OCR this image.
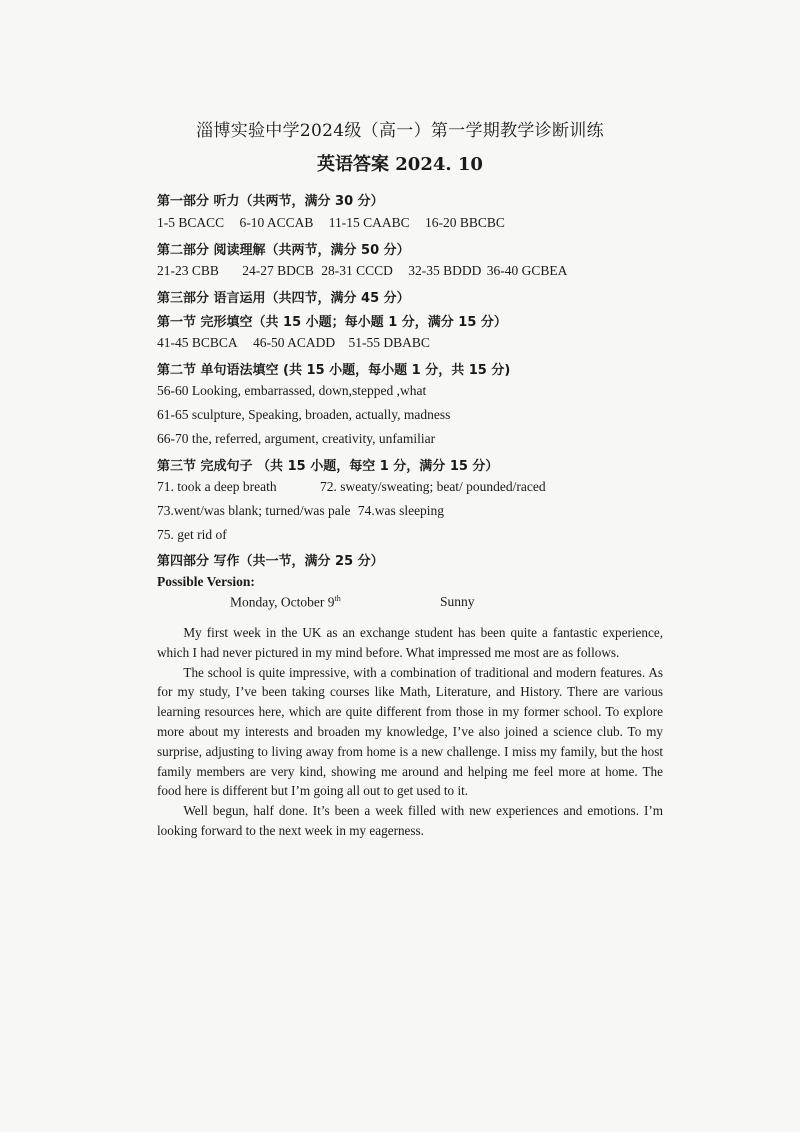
淄博实验中学2024级（高一）第一学期教学诊断训练
英语答案 2024. 10
第一部分 听力（共两节，满分 30 分）
1-5 BCACC 6-10 ACCAB 11-15 CAABC 16-20 BBCBC
第二部分 阅读理解（共两节，满分 50 分）
21-23 CBB 24-27 BDCB 28-31 CCCD 32-35 BDDD 36-40 GCBEA
第三部分 语言运用（共四节，满分 45 分）
第一节 完形填空（共 15 小题；每小题 1 分，满分 15 分）
41-45 BCBCA 46-50 ACADD 51-55 DBABC
第二节 单句语法填空 (共 15 小题，每小题 1 分，共 15 分)
56-60 Looking, embarrassed, down,stepped ,what
61-65 sculpture, Speaking, broaden, actually, madness
66-70 the, referred, argument, creativity, unfamiliar
第三节 完成句子 （共 15 小题，每空 1 分，满分 15 分）
71. took a deep breath	72. sweaty/sweating; beat/ pounded/raced
73.went/was blank; turned/was pale 74.was sleeping
75. get rid of
第四部分 写作（共一节，满分 25 分）
Possible Version:
Monday, October 9th	Sunny

My first week in the UK as an exchange student has been quite a fantastic experience, which I had never pictured in my mind before. What impressed me most are as follows.

The school is quite impressive, with a combination of traditional and modern features. As for my study, I’ve been taking courses like Math, Literature, and History. There are various learning resources here, which are quite different from those in my former school. To explore more about my interests and broaden my knowledge, I’ve also joined a science club. To my surprise, adjusting to living away from home is a new challenge. I miss my family, but the host family members are very kind, showing me around and helping me feel more at home. The food here is different but I’m going all out to get used to it.

Well begun, half done. It’s been a week filled with new experiences and emotions. I’m looking forward to the next week in my eagerness.
